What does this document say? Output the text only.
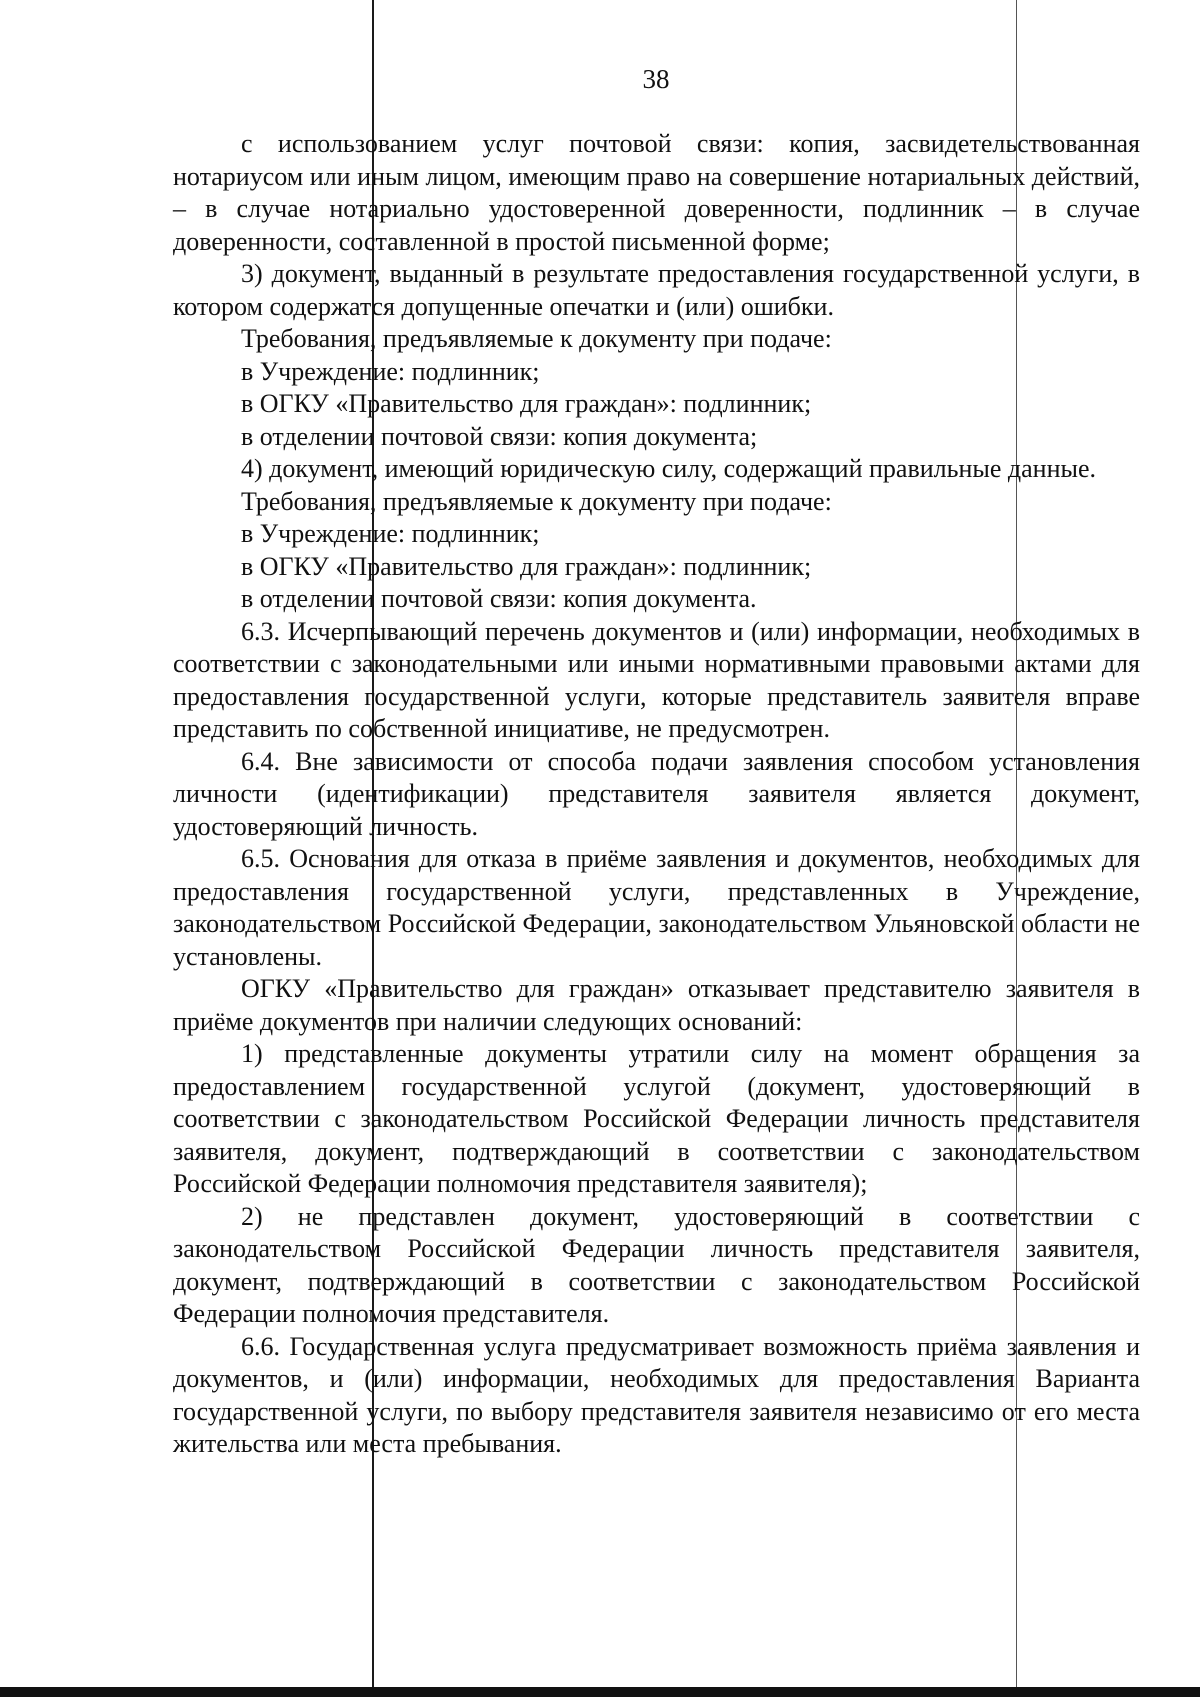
38

с использованием услуг почтовой связи: копия, засвидетельствованная нотариусом или иным лицом, имеющим право на совершение нотариальных действий, – в случае нотариально удостоверенной доверенности, подлинник – в случае доверенности, составленной в простой письменной форме;

3) документ, выданный в результате предоставления государственной услуги, в котором содержатся допущенные опечатки и (или) ошибки.

Требования, предъявляемые к документу при подаче:

в Учреждение: подлинник;

в ОГКУ «Правительство для граждан»: подлинник;

в отделении почтовой связи: копия документа;

4) документ, имеющий юридическую силу, содержащий правильные данные.

Требования, предъявляемые к документу при подаче:

в Учреждение: подлинник;

в ОГКУ «Правительство для граждан»: подлинник;

в отделении почтовой связи: копия документа.

6.3. Исчерпывающий перечень документов и (или) информации, необходимых в соответствии с законодательными или иными нормативными правовыми актами для предоставления государственной услуги, которые представитель заявителя вправе представить по собственной инициативе, не предусмотрен.

6.4. Вне зависимости от способа подачи заявления способом установления личности (идентификации) представителя заявителя является документ, удостоверяющий личность.

6.5. Основания для отказа в приёме заявления и документов, необходимых для предоставления государственной услуги, представленных в Учреждение, законодательством Российской Федерации, законодательством Ульяновской области не установлены.

ОГКУ «Правительство для граждан» отказывает представителю заявителя в приёме документов при наличии следующих оснований:

1) представленные документы утратили силу на момент обращения за предоставлением государственной услугой (документ, удостоверяющий в соответствии с законодательством Российской Федерации личность представителя заявителя, документ, подтверждающий в соответствии с законодательством Российской Федерации полномочия представителя заявителя);

2) не представлен документ, удостоверяющий в соответствии с законодательством Российской Федерации личность представителя заявителя, документ, подтверждающий в соответствии с законодательством Российской Федерации полномочия представителя.

6.6. Государственная услуга предусматривает возможность приёма заявления и документов, и (или) информации, необходимых для предоставления Варианта государственной услуги, по выбору представителя заявителя независимо от его места жительства или места пребывания.
